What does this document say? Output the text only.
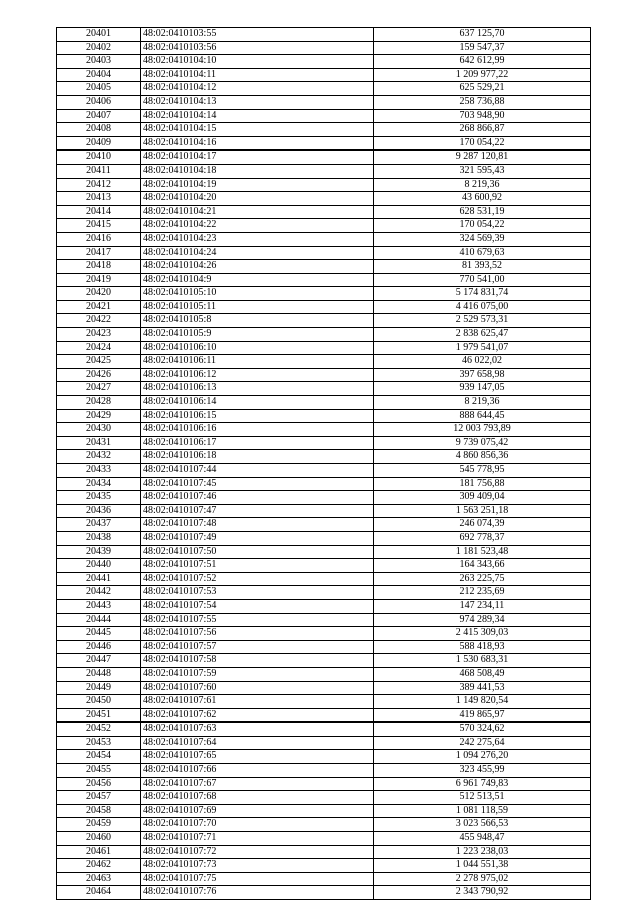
20401	48:02:0410103:55	637 125,70
20402	48:02:0410103:56	159 547,37
20403	48:02:0410104:10	642 612,99
20404	48:02:0410104:11	1 209 977,22
20405	48:02:0410104:12	625 529,21
20406	48:02:0410104:13	258 736,88
20407	48:02:0410104:14	703 948,90
20408	48:02:0410104:15	268 866,87
20409	48:02:0410104:16	170 054,22
20410	48:02:0410104:17	9 287 120,81
20411	48:02:0410104:18	321 595,43
20412	48:02:0410104:19	8 219,36
20413	48:02:0410104:20	43 600,92
20414	48:02:0410104:21	628 531,19
20415	48:02:0410104:22	170 054,22
20416	48:02:0410104:23	324 569,39
20417	48:02:0410104:24	410 679,63
20418	48:02:0410104:26	81 393,52
20419	48:02:0410104:9	770 541,00
20420	48:02:0410105:10	5 174 831,74
20421	48:02:0410105:11	4 416 075,00
20422	48:02:0410105:8	2 529 573,31
20423	48:02:0410105:9	2 838 625,47
20424	48:02:0410106:10	1 979 541,07
20425	48:02:0410106:11	46 022,02
20426	48:02:0410106:12	397 658,98
20427	48:02:0410106:13	939 147,05
20428	48:02:0410106:14	8 219,36
20429	48:02:0410106:15	888 644,45
20430	48:02:0410106:16	12 003 793,89
20431	48:02:0410106:17	9 739 075,42
20432	48:02:0410106:18	4 860 856,36
20433	48:02:0410107:44	545 778,95
20434	48:02:0410107:45	181 756,88
20435	48:02:0410107:46	309 409,04
20436	48:02:0410107:47	1 563 251,18
20437	48:02:0410107:48	246 074,39
20438	48:02:0410107:49	692 778,37
20439	48:02:0410107:50	1 181 523,48
20440	48:02:0410107:51	164 343,66
20441	48:02:0410107:52	263 225,75
20442	48:02:0410107:53	212 235,69
20443	48:02:0410107:54	147 234,11
20444	48:02:0410107:55	974 289,34
20445	48:02:0410107:56	2 415 309,03
20446	48:02:0410107:57	588 418,93
20447	48:02:0410107:58	1 530 683,31
20448	48:02:0410107:59	468 508,49
20449	48:02:0410107:60	389 441,53
20450	48:02:0410107:61	1 149 820,54
20451	48:02:0410107:62	419 865,97
20452	48:02:0410107:63	570 324,62
20453	48:02:0410107:64	242 275,64
20454	48:02:0410107:65	1 094 276,20
20455	48:02:0410107:66	323 455,99
20456	48:02:0410107:67	6 961 749,83
20457	48:02:0410107:68	512 513,51
20458	48:02:0410107:69	1 081 118,59
20459	48:02:0410107:70	3 023 566,53
20460	48:02:0410107:71	455 948,47
20461	48:02:0410107:72	1 223 238,03
20462	48:02:0410107:73	1 044 551,38
20463	48:02:0410107:75	2 278 975,02
20464	48:02:0410107:76	2 343 790,92
